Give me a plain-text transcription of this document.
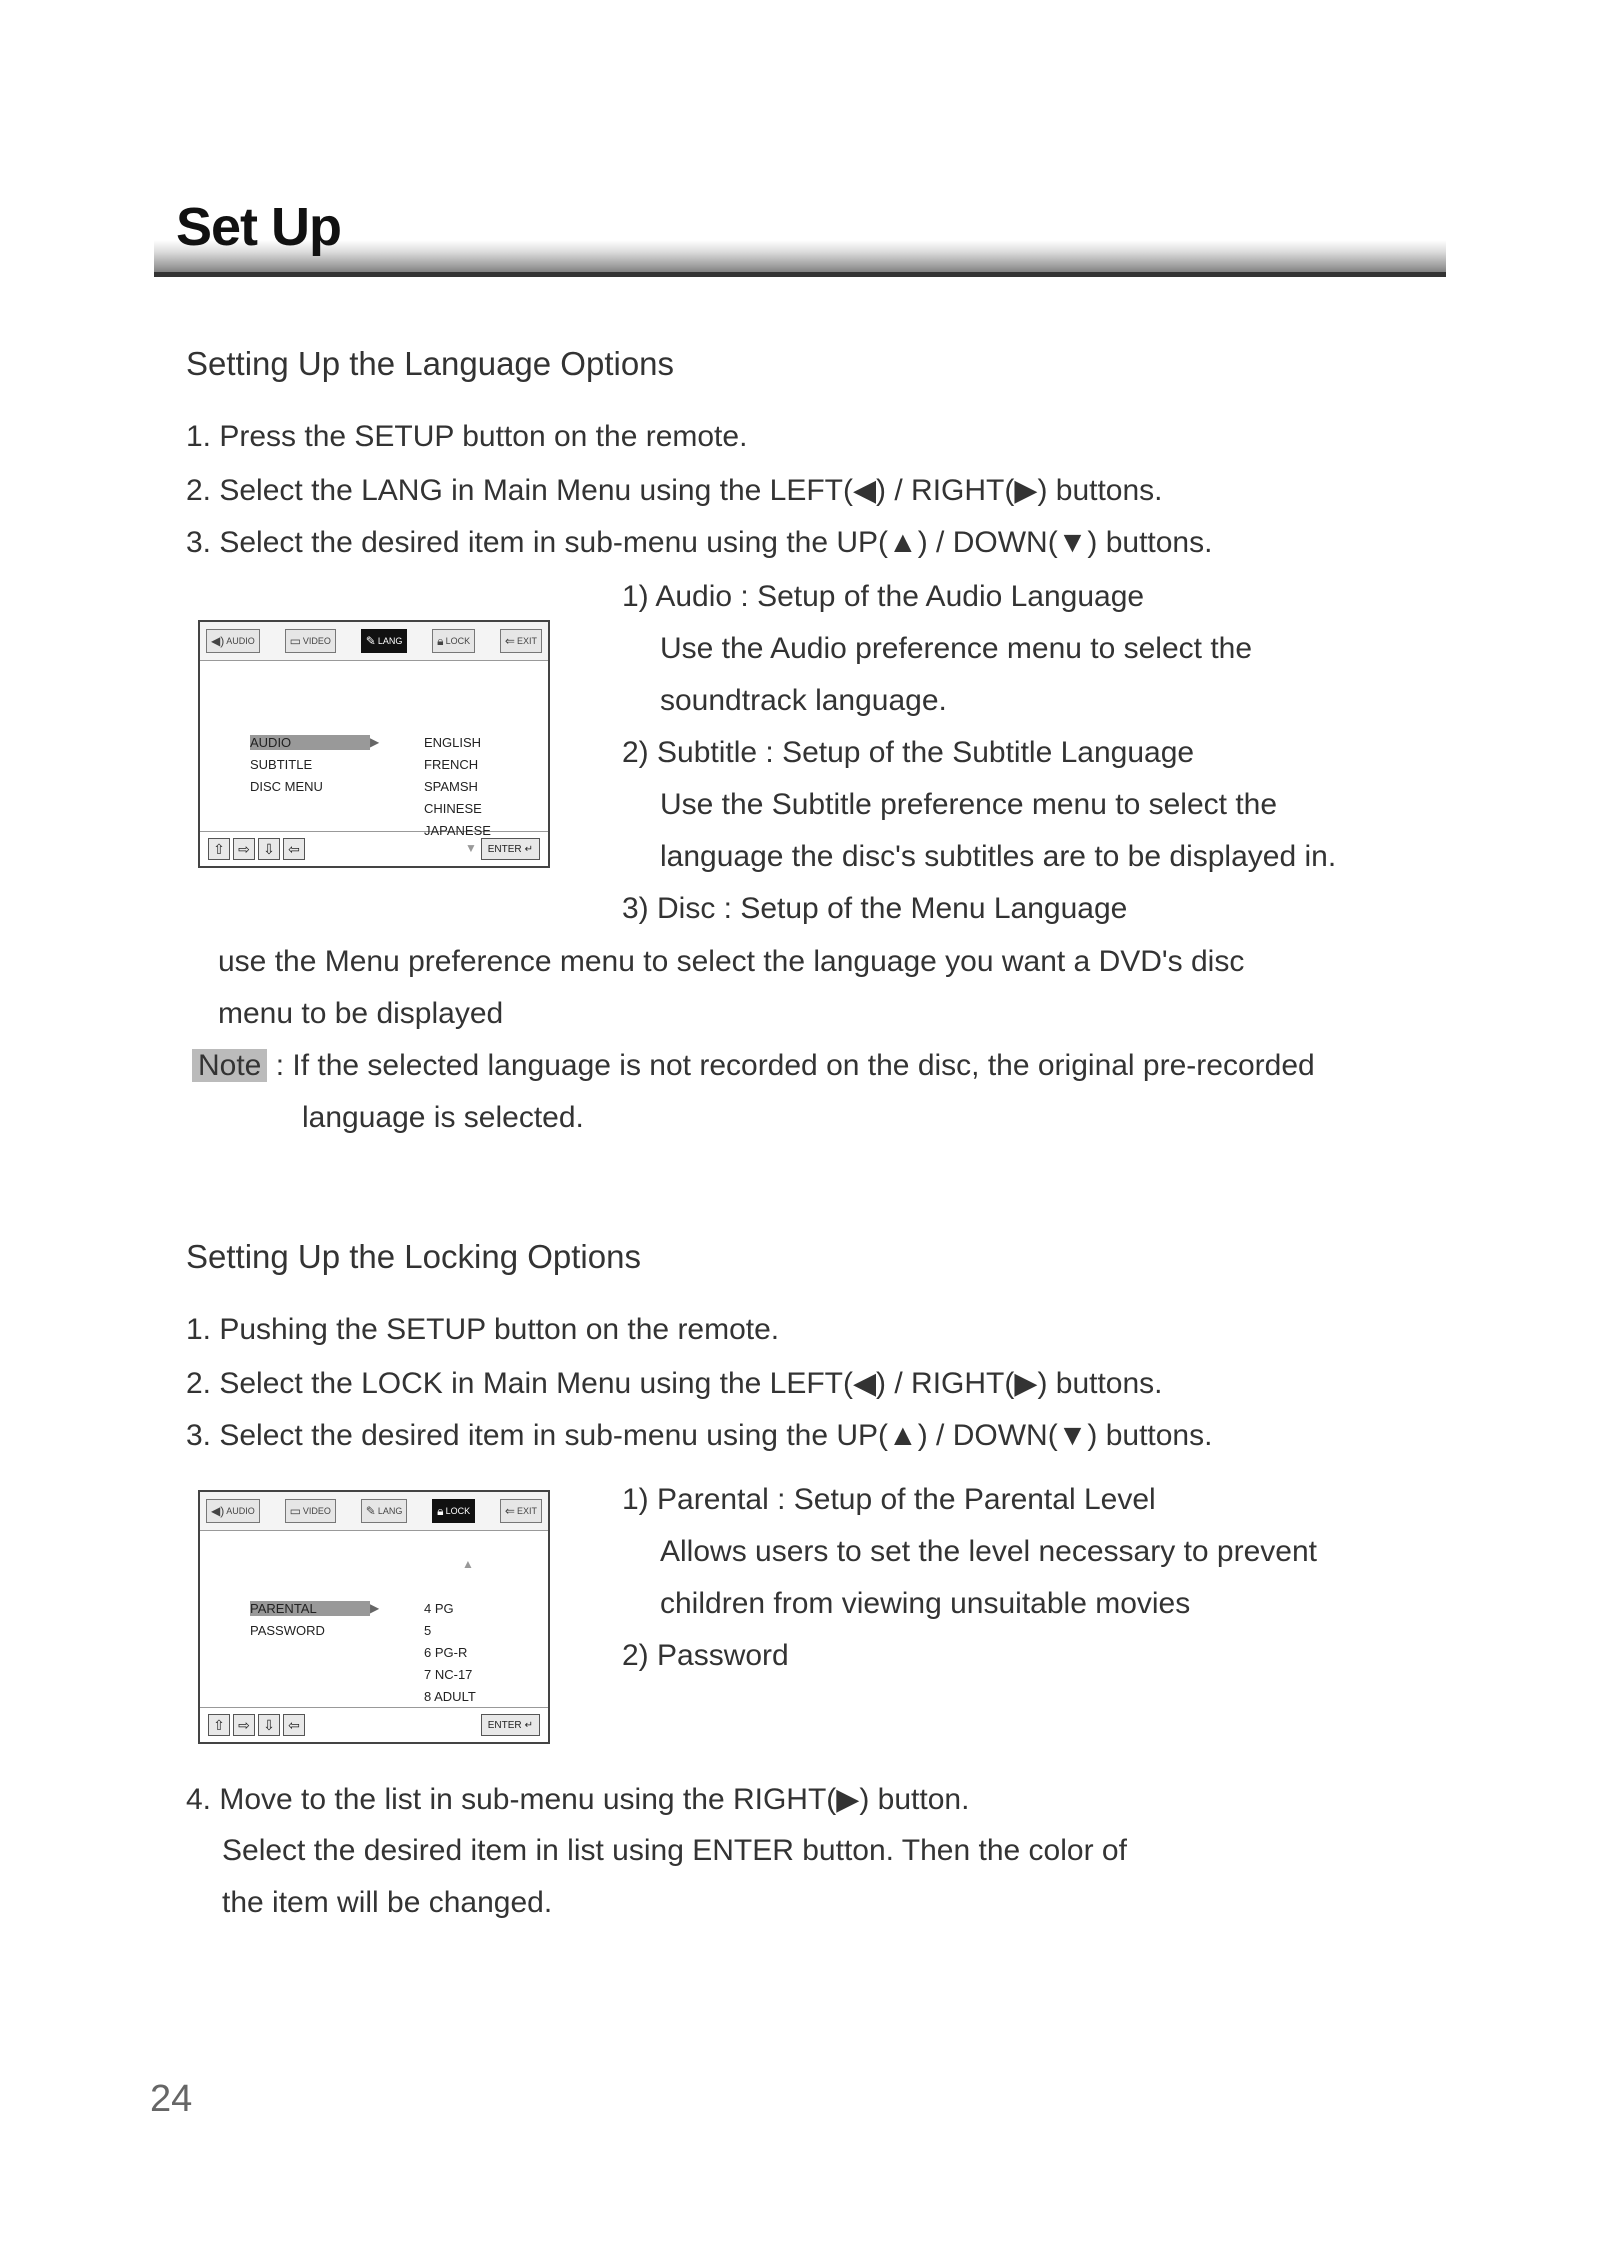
Set Up
Setting Up the Language Options
1. Press the SETUP button on the remote.
2. Select the LANG in Main Menu using the LEFT(◀) / RIGHT(▶) buttons.
3. Select the desired item in sub-menu using the UP(▲) / DOWN(▼) buttons.
1) Audio : Setup of the Audio Language
Use the Audio preference menu to select the
soundtrack language.
2) Subtitle : Setup of the Subtitle Language
Use the Subtitle preference menu to select the
language the disc's subtitles are to be displayed in.
3) Disc : Setup of the Menu Language
use the Menu preference menu to select the language you want a DVD's disc
menu to be displayed
Note : If the selected language is not recorded on the disc, the original pre-recorded
language is selected.
◀) AUDIO	▭ VIDEO	✎ LANG	🔒︎ LOCK	⇐ EXIT
AUDIO	▶
SUBTITLE
DISC MENU
ENGLISH
FRENCH
SPAMSH
CHINESE
JAPANESE
▼
⇧ ⇨ ⇩ ⇦	ENTER ↵
Setting Up the Locking Options
1. Pushing the SETUP button on the remote.
2. Select the LOCK in Main Menu using the LEFT(◀) / RIGHT(▶) buttons.
3. Select the desired item in sub-menu using the UP(▲) / DOWN(▼) buttons.
1) Parental : Setup of the Parental Level
Allows users to set the level necessary to prevent
children from viewing unsuitable movies
2) Password
◀) AUDIO	▭ VIDEO	✎ LANG	🔒︎ LOCK	⇐ EXIT
▲
PARENTAL	▶
PASSWORD
4 PG
5
6 PG-R
7 NC-17
8 ADULT
⇧ ⇨ ⇩ ⇦	ENTER ↵
4. Move to the list in sub-menu using the RIGHT(▶) button.
Select the desired item in list using ENTER button. Then the color of
the item will be changed.
24
